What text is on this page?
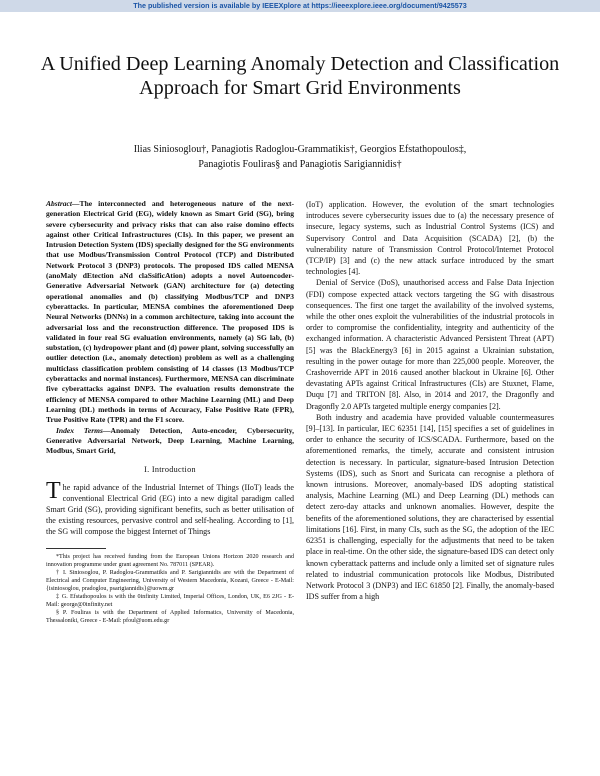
The published version is available by IEEEXplore at https://ieeexplore.ieee.org/document/9425573
A Unified Deep Learning Anomaly Detection and Classification Approach for Smart Grid Environments
Ilias Siniosoglou†, Panagiotis Radoglou-Grammatikis†, Georgios Efstathopoulos‡,
Panagiotis Fouliras§ and Panagiotis Sarigiannidis†

Abstract—The interconnected and heterogeneous nature of the next-generation Electrical Grid (EG), widely known as Smart Grid (SG), bring severe cybersecurity and privacy risks that can also raise domino effects against other Critical Infrastructures (CIs). In this paper, we present an Intrusion Detection System (IDS) specially designed for the SG environments that use Modbus/Transmission Control Protocol (TCP) and Distributed Network Protocol 3 (DNP3) protocols. The proposed IDS called MENSA (anoMaly dEtection aNd claSsificAtion) adopts a novel Autoencoder-Generative Adversarial Network (GAN) architecture for (a) detecting operational anomalies and (b) classifying Modbus/TCP and DNP3 cyberattacks. In particular, MENSA combines the aforementioned Deep Neural Networks (DNNs) in a common architecture, taking into account the adversarial loss and the reconstruction difference. The proposed IDS is validated in four real SG evaluation environments, namely (a) SG lab, (b) substation, (c) hydropower plant and (d) power plant, solving successfully an outlier detection (i.e., anomaly detection) problem as well as a challenging multiclass classification problem consisting of 14 classes (13 Modbus/TCP cyberattacks and normal instances). Furthermore, MENSA can discriminate five cyberattacks against DNP3. The evaluation results demonstrate the efficiency of MENSA compared to other Machine Learning (ML) and Deep Learning (DL) methods in terms of Accuracy, False Positive Rate (FPR), True Positive Rate (TPR) and the F1 score.

Index Terms—Anomaly Detection, Auto-encoder, Cybersecurity, Generative Adversarial Network, Deep Learning, Machine Learning, Modbus, Smart Grid,

I. Introduction

The rapid advance of the Industrial Internet of Things (IIoT) leads the conventional Electrical Grid (EG) into a new digital paradigm called Smart Grid (SG), providing significant benefits, such as better utilisation of the existing resources, pervasive control and self-healing. According to [1], the SG will compose the biggest Internet of Things

*This project has received funding from the European Unions Horizon 2020 research and innovation programme under grant agreement No. 787011 (SPEAR).

† I. Siniosoglou, P. Radoglou-Grammatikis and P. Sarigiannidis are with the Department of Electrical and Computer Engineering, University of Western Macedonia, Kozani, Greece - E-Mail: {isiniosoglou, pradoglou, psarigiannidis}@uowm.gr

‡ G. Efstathopoulos is with the 0infinity Limited, Imperial Offices, London, UK, E6 2JG - E-Mail: george@0infinity.net

§ P. Fouliras is with the Department of Applied Informatics, University of Macedonia, Thessaloniki, Greece - E-Mail: pfoul@uom.edu.gr

(IoT) application. However, the evolution of the smart technologies introduces severe cybersecurity issues due to (a) the necessary presence of insecure, legacy systems, such as Industrial Control Systems (ICS) and Supervisory Control and Data Acquisition (SCADA) [2], (b) the vulnerability nature of Transmission Control Protocol/Internet Protocol (TCP/IP) [3] and (c) the new attack surface introduced by the smart technologies [4].

Denial of Service (DoS), unauthorised access and False Data Injection (FDI) compose expected attack vectors targeting the SG with disastrous consequences. The first one target the availability of the involved systems, while the other ones exploit the vulnerabilities of the industrial protocols in order to compromise the confidentiality, integrity and authenticity of the exchanged information. A characteristic Advanced Persistent Threat (APT) [5] was the BlackEnergy3 [6] in 2015 against a Ukrainian substation, resulting in the power outage for more than 225,000 people. Moreover, the Crashoverride APT in 2016 caused another blackout in Ukraine [6]. Other devastating APTs against Critical Infrastructures (CIs) are Stuxnet, Flame, Duqu [7] and TRITON [8]. Also, in 2014 and 2017, the Dragonfly and Dragonfly 2.0 APTs targeted multiple energy companies [2].

Both industry and academia have provided valuable countermeasures [9]–[13]. In particular, IEC 62351 [14], [15] specifies a set of guidelines in order to enhance the security of ICS/SCADA. Furthermore, based on the aforementioned remarks, the timely, accurate and consistent intrusion detection is necessary. In particular, signature-based Intrusion Detection Systems (IDS), such as Snort and Suricata can recognise a plethora of known intrusions. Moreover, anomaly-based IDS adopting statistical analysis, Machine Learning (ML) and Deep Learning (DL) methods can detect zero-day attacks and unknown anomalies. However, despite the benefits of the aforementioned solutions, they are characterised by essential limitations [16]. First, in many CIs, such as the SG, the adoption of the IEC 62351 is challenging, especially for the adjustments that need to be taken place in real-time. On the other side, the signature-based IDS can detect only known cyberattack patterns and include only a limited set of signature rules related to industrial communication protocols like Modbus, Distributed Network Protocol 3 (DNP3) and IEC 61850 [2]. Finally, the anomaly-based IDS suffer from a high
